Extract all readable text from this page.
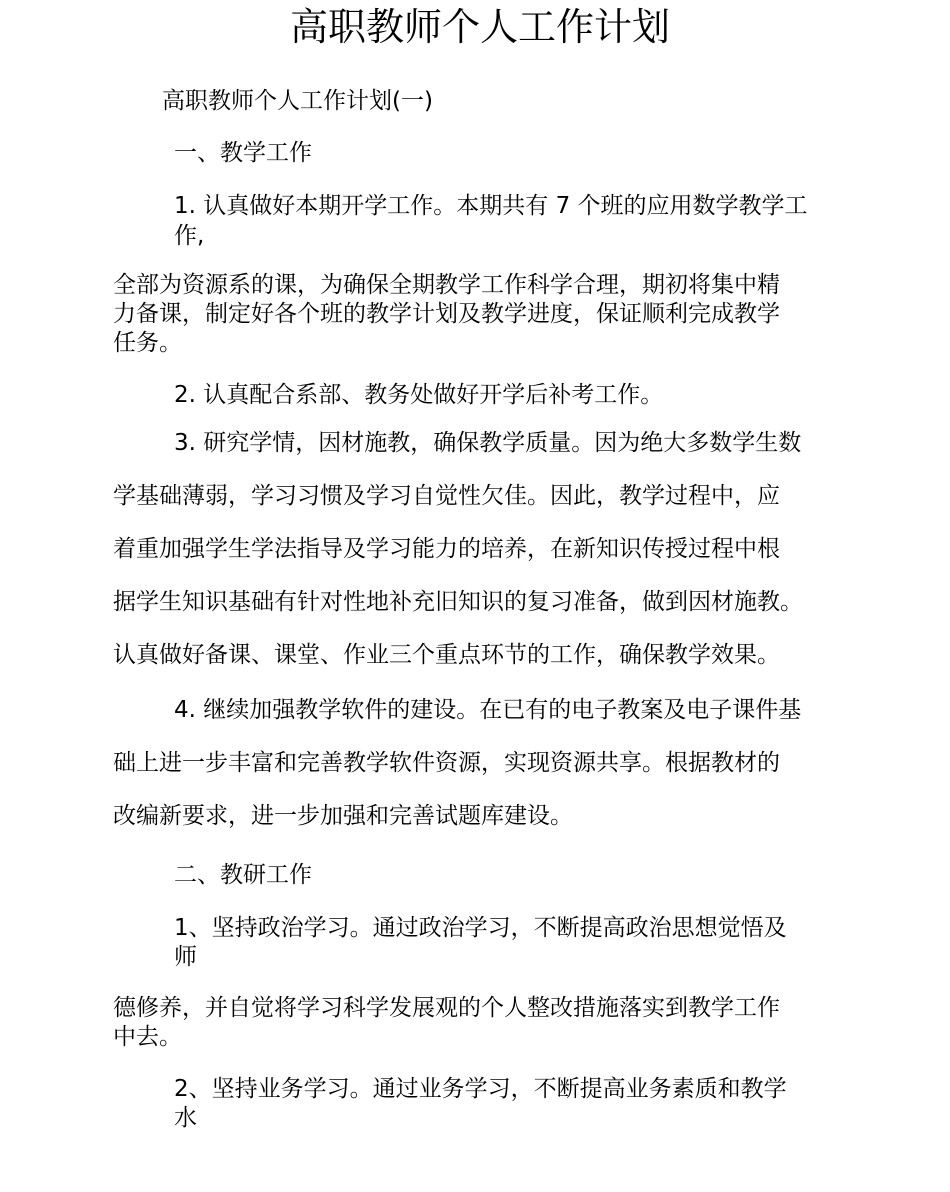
高职教师个人工作计划

高职教师个人工作计划(一)

一、教学工作

1. 认真做好本期开学工作。本期共有 7 个班的应用数学教学工

作,

全部为资源系的课，为确保全期教学工作科学合理，期初将集中精

力备课，制定好各个班的教学计划及教学进度，保证顺利完成教学

任务。

2. 认真配合系部、教务处做好开学后补考工作。

3. 研究学情，因材施教，确保教学质量。因为绝大多数学生数

学基础薄弱，学习习惯及学习自觉性欠佳。因此，教学过程中，应

着重加强学生学法指导及学习能力的培养，在新知识传授过程中根

据学生知识基础有针对性地补充旧知识的复习准备，做到因材施教。

认真做好备课、课堂、作业三个重点环节的工作，确保教学效果。

4. 继续加强教学软件的建设。在已有的电子教案及电子课件基

础上进一步丰富和完善教学软件资源，实现资源共享。根据教材的

改编新要求，进一步加强和完善试题库建设。

二、教研工作

1、坚持政治学习。通过政治学习，不断提高政治思想觉悟及

师

德修养，并自觉将学习科学发展观的个人整改措施落实到教学工作

中去。

2、坚持业务学习。通过业务学习，不断提高业务素质和教学

水
